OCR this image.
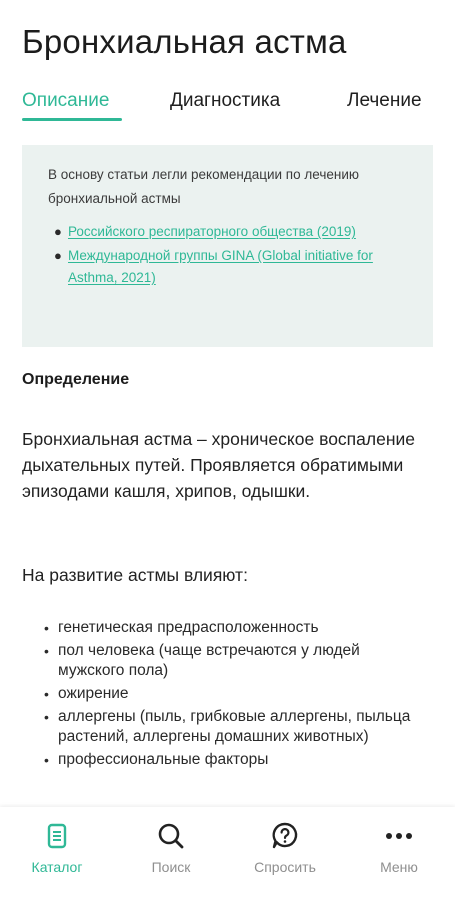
Бронхиальная астма
Описание	Диагностика	Лечение

В основу статьи легли рекомендации по лечению бронхиальной астмы

● Российского респираторного общества (2019)
● Международной группы GINA (Global initiative for Asthma, 2021)
Определение
Бронхиальная астма – хроническое воспаление дыхательных путей. Проявляется обратимыми эпизодами кашля, хрипов, одышки.
На развитие астмы влияют:
• генетическая предрасположенность
• пол человека (чаще встречаются у людей мужского пола)
• ожирение
• аллергены (пыль, грибковые аллергены, пыльца растений, аллергены домашних животных)
• профессиональные факторы
Каталог	Поиск	Спросить	Меню
